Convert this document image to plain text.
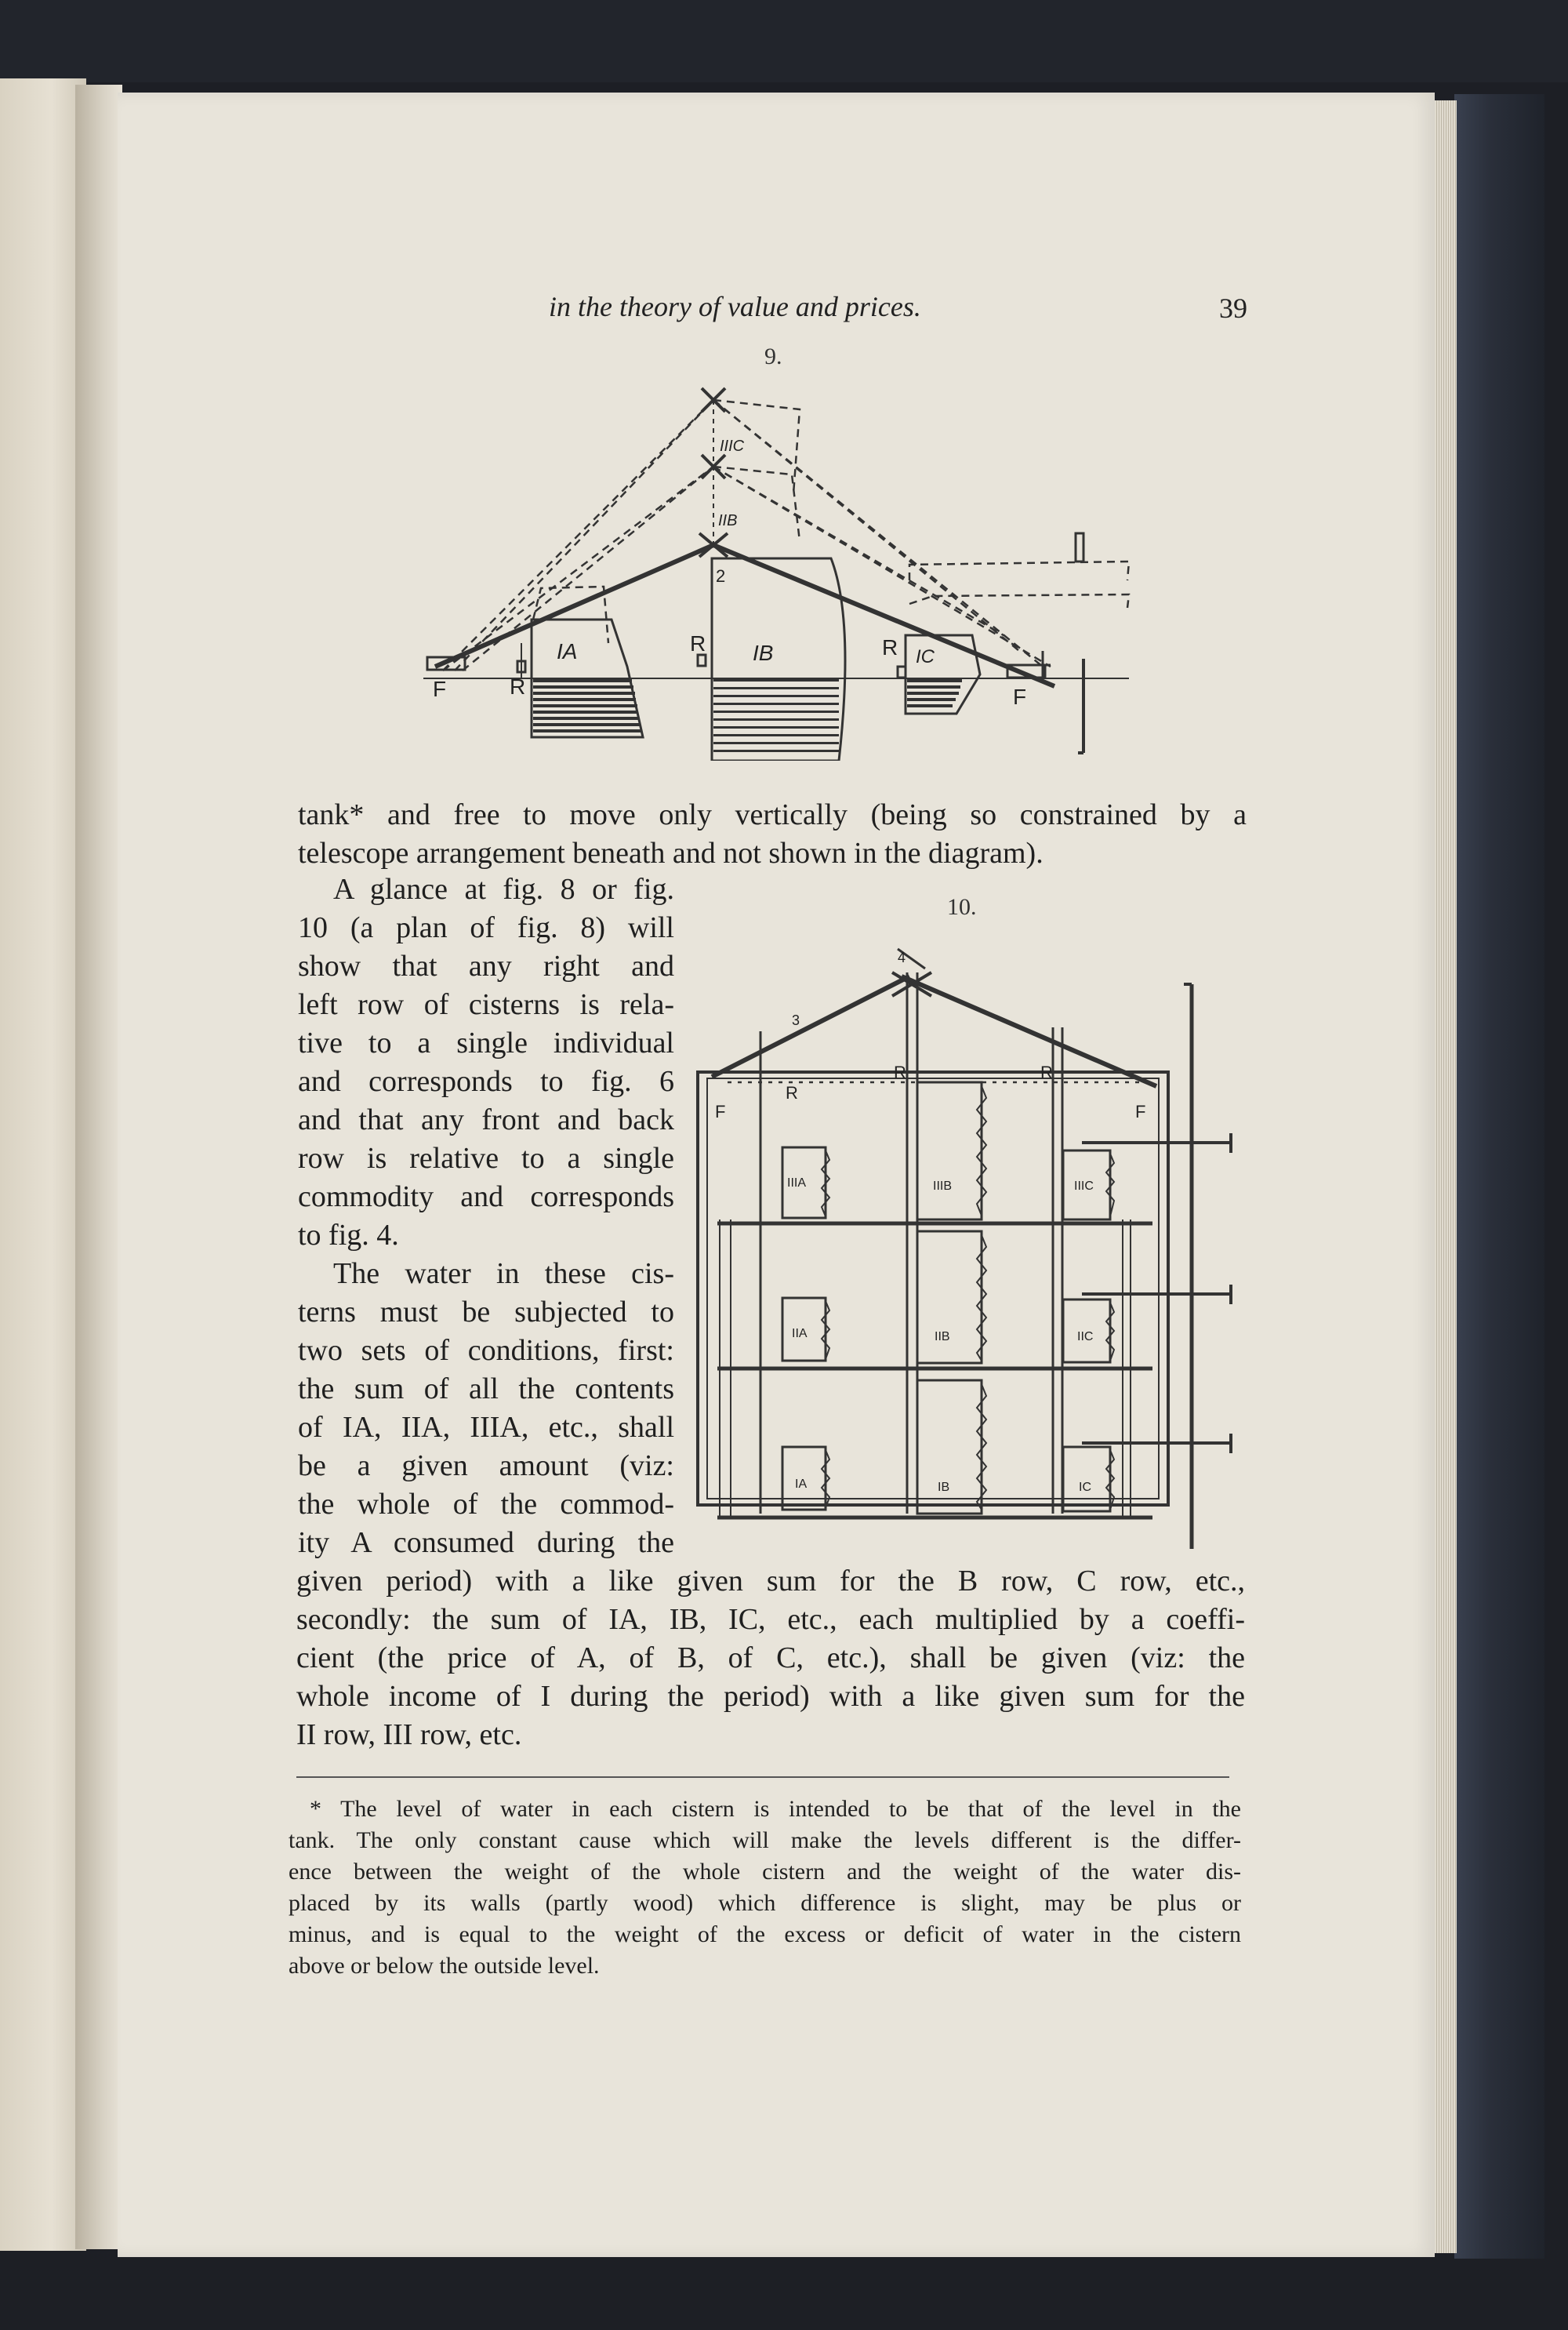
in the theory of value and prices.	39
9.
IIIC
IIB
2
IA	IB	IC
R	R
R
F	F
tank* and free to move only vertically (being so constrained by a
telescope arrangement beneath and not shown in the diagram).
A glance at fig. 8 or fig.
10 (a plan of fig. 8) will
show that any right and
left row of cisterns is rela-
tive to a single individual
and corresponds to fig. 6
and that any front and back
row is relative to a single
commodity and corresponds
to fig. 4.
The water in these cis-
terns must be subjected to
two sets of conditions, first:
the sum of all the contents
of IA, IIA, IIIA, etc., shall
be a given amount (viz:
the whole of the commod-
ity A consumed during the
10.
4
3
F	F
R
R	R
IIIA	IIIB	IIIC
IIA	IIB	IIC
IA	IB	IC
given period) with a like given sum for the B row, C row, etc.,
secondly: the sum of IA, IB, IC, etc., each multiplied by a coeffi-
cient (the price of A, of B, of C, etc.), shall be given (viz: the
whole income of I during the period) with a like given sum for the
II row, III row, etc.
* The level of water in each cistern is intended to be that of the level in the
tank. The only constant cause which will make the levels different is the differ-
ence between the weight of the whole cistern and the weight of the water dis-
placed by its walls (partly wood) which difference is slight, may be plus or
minus, and is equal to the weight of the excess or deficit of water in the cistern
above or below the outside level.
